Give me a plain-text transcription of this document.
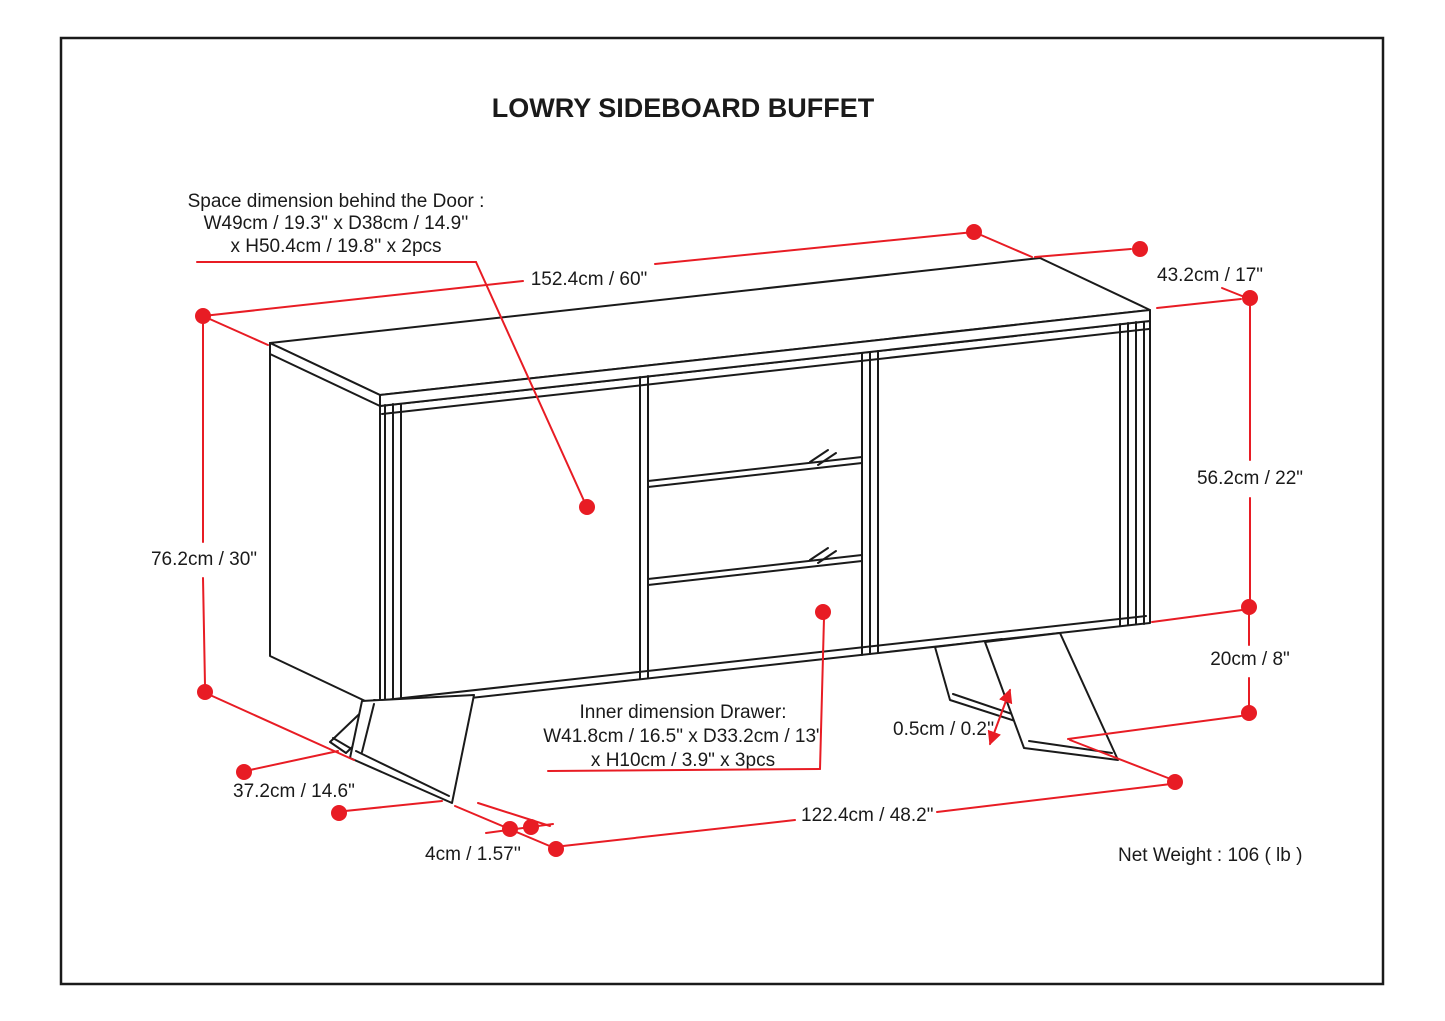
LOWRY SIDEBOARD BUFFET
152.4cm / 60"	43.2cm / 17"
56.2cm / 22"
20cm / 8"
76.2cm / 30"
37.2cm / 14.6"
4cm / 1.57''
122.4cm / 48.2"
0.5cm / 0.2''
Space dimension behind the Door :
W49cm / 19.3'' x D38cm / 14.9''
x H50.4cm / 19.8'' x 2pcs
Inner dimension Drawer:
W41.8cm / 16.5" x D33.2cm / 13"
x H10cm / 3.9" x 3pcs
Net Weight : 106 ( lb )
